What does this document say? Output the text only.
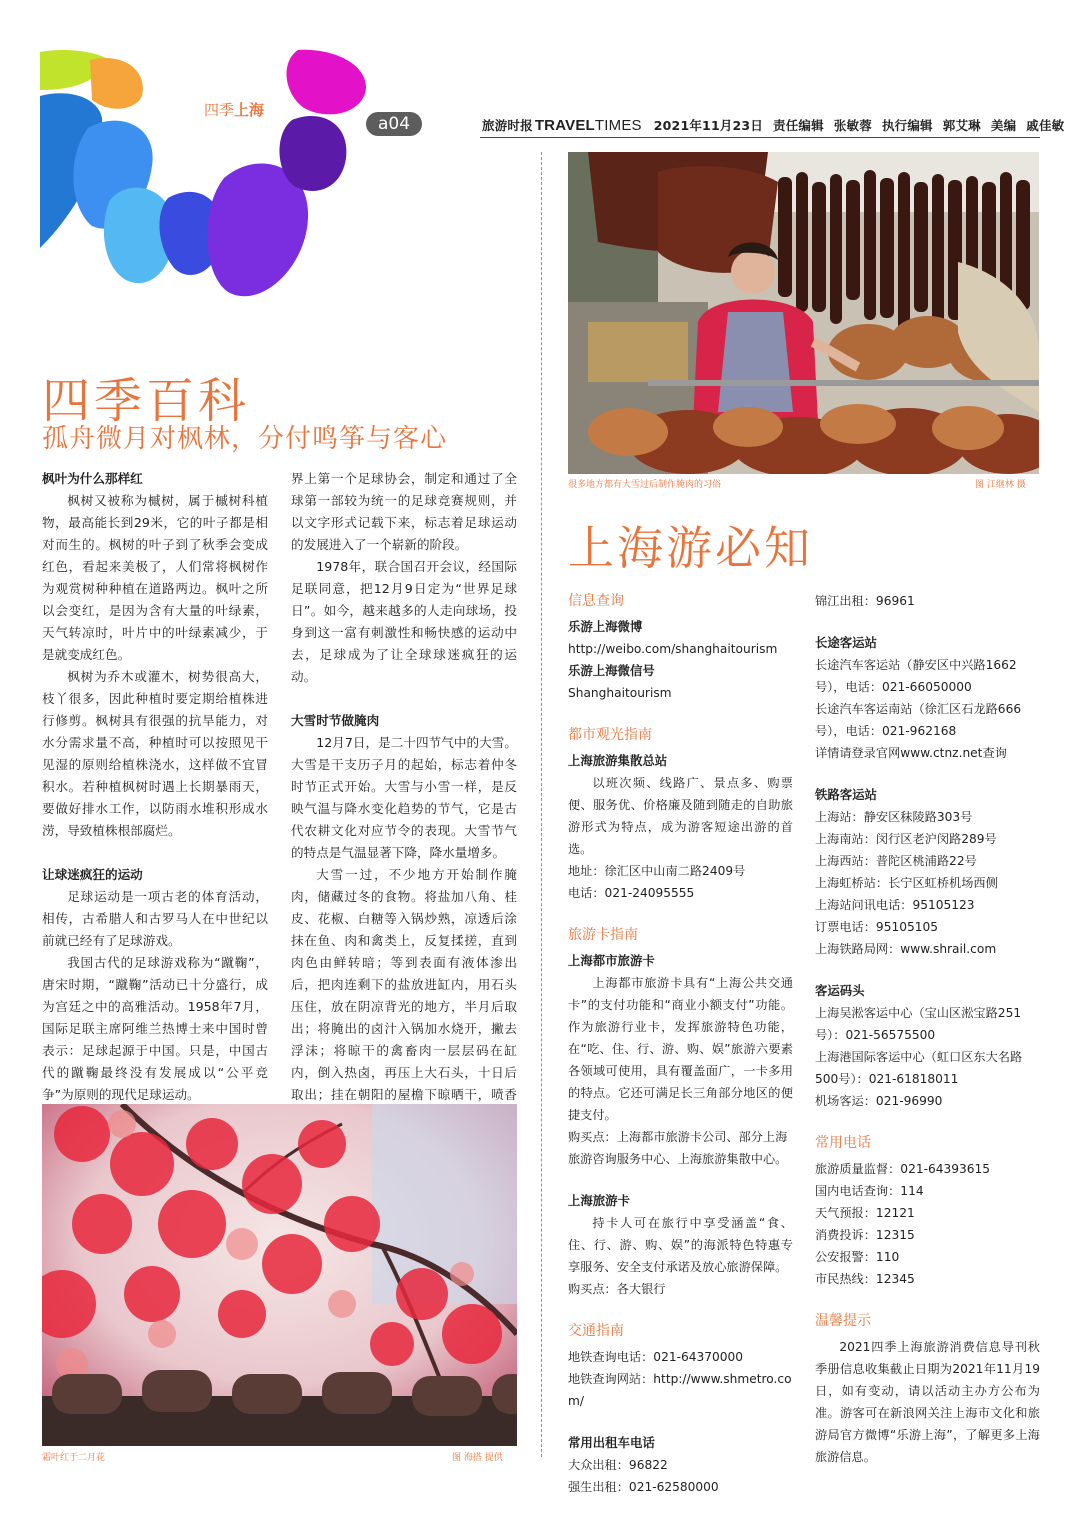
四季上海
a04	旅游时报 TRAVELTIMES 2021年11月23日 责任编辑 张敏蓉 执行编辑 郭艾琳 美编 戚佳敏
四季百科
孤舟微月对枫林，分付鸣筝与客心
枫叶为什么那样红

枫树又被称为槭树，属于槭树科植物，最高能长到29米，它的叶子都是相对而生的。枫树的叶子到了秋季会变成红色，看起来美极了，人们常将枫树作为观赏树种种植在道路两边。枫叶之所以会变红，是因为含有大量的叶绿素，天气转凉时，叶片中的叶绿素减少，于是就变成红色。

枫树为乔木或灌木，树势很高大，枝丫很多，因此种植时要定期给植株进行修剪。枫树具有很强的抗旱能力，对水分需求量不高，种植时可以按照见干见湿的原则给植株浇水，这样做不宜冒积水。若种植枫树时遇上长期暴雨天，要做好排水工作，以防雨水堆积形成水涝，导致植株根部腐烂。

让球迷疯狂的运动

足球运动是一项古老的体育活动，相传，古希腊人和古罗马人在中世纪以前就已经有了足球游戏。

我国古代的足球游戏称为“蹴鞠”，唐宋时期，“蹴鞠”活动已十分盛行，成为宫廷之中的高雅活动。1958年7月，国际足联主席阿维兰热博士来中国时曾表示：足球起源于中国。只是，中国古代的蹴鞠最终没有发展成以“公平竞争”为原则的现代足球运动。

界上第一个足球协会，制定和通过了全球第一部较为统一的足球竞赛规则，并以文字形式记载下来，标志着足球运动的发展进入了一个崭新的阶段。

1978年，联合国召开会议，经国际足联同意，把12月9日定为“世界足球日”。如今，越来越多的人走向球场，投身到这一富有刺激性和畅快感的运动中去，足球成为了让全球球迷疯狂的运动。

大雪时节做腌肉

12月7日，是二十四节气中的大雪。大雪是干支历子月的起始，标志着仲冬时节正式开始。大雪与小雪一样，是反映气温与降水变化趋势的节气，它是古代农耕文化对应节令的表现。大雪节气的特点是气温显著下降，降水量增多。

大雪一过，不少地方开始制作腌肉，储藏过冬的食物。将盐加八角、桂皮、花椒、白糖等入锅炒熟，凉透后涂抹在鱼、肉和禽类上，反复揉搓，直到肉色由鲜转暗；等到表面有液体渗出后，把肉连剩下的盐放进缸内，用石头压住，放在阴凉背光的地方，半月后取出；将腌出的卤汁入锅加水烧开，撇去浮沫；将晾干的禽畜肉一层层码在缸内，倒入热卤，再压上大石头，十日后取出；挂在朝阳的屋檐下晾晒干，喷香

很多地方都有大雪过后制作腌肉的习俗	图 江继林 摄
霜叶红于二月花	图 海搭 提供
上海游必知
信息查询
乐游上海微博

http://weibo.com/shanghaitourism

乐游上海微信号

Shanghaitourism

都市观光指南
上海旅游集散总站

以班次频、线路广、景点多、购票便、服务优、价格廉及随到随走的自助旅游形式为特点，成为游客短途出游的首选。

地址：徐汇区中山南二路2409号

电话：021-24095555

旅游卡指南
上海都市旅游卡

上海都市旅游卡具有“上海公共交通卡”的支付功能和“商业小额支付”功能。作为旅游行业卡，发挥旅游特色功能，在“吃、住、行、游、购、娱”旅游六要素各领域可使用，具有覆盖面广，一卡多用的特点。它还可满足长三角部分地区的便捷支付。

购买点：上海都市旅游卡公司、部分上海旅游咨询服务中心、上海旅游集散中心。

上海旅游卡

持卡人可在旅行中享受涵盖“食、住、行、游、购、娱”的海派特色特惠专享服务、安全支付承诺及放心旅游保障。

购买点：各大银行

交通指南

地铁查询电话：021-64370000

地铁查询网站：http://www.shmetro.com/

常用出租车电话

大众出租：96822

强生出租：021-62580000

锦江出租：96961

长途客运站

长途汽车客运站（静安区中兴路1662号），电话：021-66050000

长途汽车客运南站（徐汇区石龙路666号），电话：021-962168

详情请登录官网www.ctnz.net查询

铁路客运站

上海站：静安区秣陵路303号

上海南站：闵行区老沪闵路289号

上海西站：普陀区桃浦路22号

上海虹桥站：长宁区虹桥机场西侧

上海站问讯电话：95105123

订票电话：95105105

上海铁路局网：www.shrail.com

客运码头

上海吴淞客运中心（宝山区淞宝路251号）：021-56575500

上海港国际客运中心（虹口区东大名路500号）：021-61818011

机场客运：021-96990

常用电话

旅游质量监督：021-64393615

国内电话查询：114

天气预报：12121

消费投诉：12315

公安报警：110

市民热线：12345

温馨提示

2021四季上海旅游消费信息导刊秋季册信息收集截止日期为2021年11月19日，如有变动，请以活动主办方公布为准。游客可在新浪网关注上海市文化和旅游局官方微博“乐游上海”，了解更多上海旅游信息。
